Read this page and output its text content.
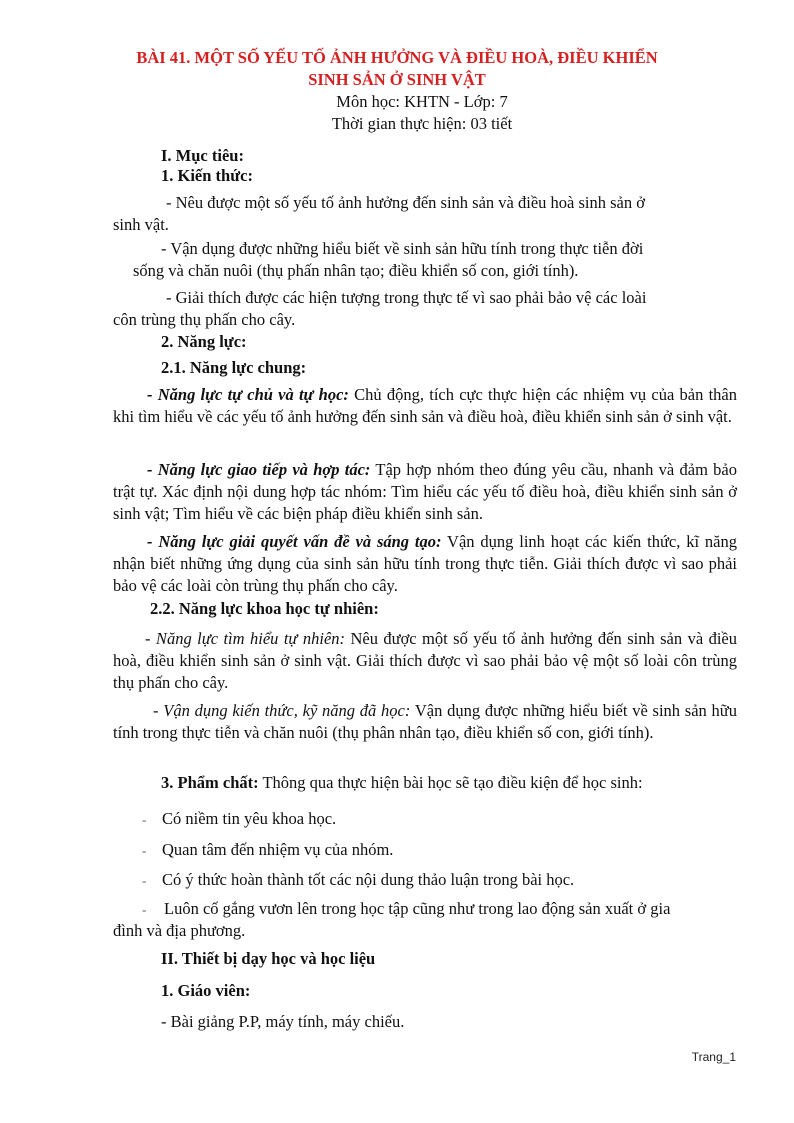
BÀI 41. MỘT SỐ YẾU TỐ ẢNH HƯỞNG VÀ ĐIỀU HOÀ, ĐIỀU KHIỂN
SINH SẢN Ở SINH VẬT
Môn học: KHTN - Lớp: 7
Thời gian thực hiện: 03 tiết
I. Mục tiêu:
1. Kiến thức:
- Nêu được một số yếu tố ảnh hưởng đến sinh sản và điều hoà sinh sản ở
sinh vật.
- Vận dụng được những hiểu biết về sinh sản hữu tính trong thực tiễn đời
sống và chăn nuôi (thụ phấn nhân tạo; điều khiển số con, giới tính).
- Giải thích được các hiện tượng trong thực tế vì sao phải bảo vệ các loài
côn trùng thụ phấn cho cây.
2. Năng lực:
2.1. Năng lực chung:
- Năng lực tự chủ và tự học: Chủ động, tích cực thực hiện các nhiệm vụ của bản thân khi tìm hiểu về các yếu tố ảnh hưởng đến sinh sản và điều hoà, điều khiển sinh sản ở sinh vật.
- Năng lực giao tiếp và hợp tác: Tập hợp nhóm theo đúng yêu cầu, nhanh và đảm bảo trật tự. Xác định nội dung hợp tác nhóm: Tìm hiểu các yếu tố điều hoà, điều khiển sinh sản ở sinh vật; Tìm hiểu về các biện pháp điều khiển sinh sản.
- Năng lực giải quyết vấn đề và sáng tạo: Vận dụng linh hoạt các kiến thức, kĩ năng nhận biết những ứng dụng của sinh sản hữu tính trong thực tiễn. Giải thích được vì sao phải bảo vệ các loài còn trùng thụ phấn cho cây.
2.2. Năng lực khoa học tự nhiên:
- Năng lực tìm hiểu tự nhiên: Nêu được một số yếu tố ảnh hưởng đến sinh sản và điều hoà, điều khiển sinh sản ở sinh vật. Giải thích được vì sao phải bảo vệ một số loài côn trùng thụ phấn cho cây.
- Vận dụng kiến thức, kỹ năng đã học: Vận dụng được những hiểu biết về sinh sản hữu tính trong thực tiễn và chăn nuôi (thụ phân nhân tạo, điều khiển số con, giới tính).
3. Phẩm chất: Thông qua thực hiện bài học sẽ tạo điều kiện để học sinh:
- Có niềm tin yêu khoa học.
- Quan tâm đến nhiệm vụ của nhóm.
- Có ý thức hoàn thành tốt các nội dung thảo luận trong bài học.
- Luôn cố gắng vươn lên trong học tập cũng như trong lao động sản xuất ở gia
đình và địa phương.
II. Thiết bị dạy học và học liệu
1. Giáo viên:
- Bài giảng P.P, máy tính, máy chiếu.
Trang_1
